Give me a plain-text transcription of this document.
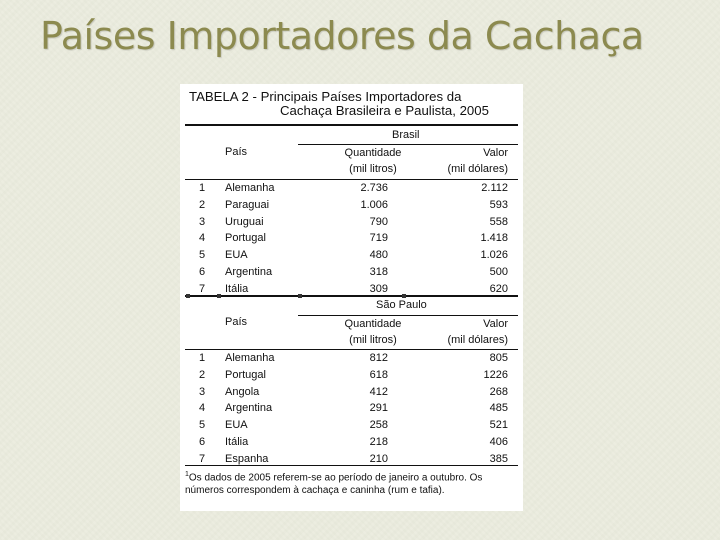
Países Importadores da Cachaça
TABELA 2 - Principais Países Importadores da
Cachaça Brasileira e Paulista, 2005
Brasil
País	Quantidade
(mil litros)
Valor
(mil dólares)
1	Alemanha	2.736	2.112
2	Paraguai	1.006	593
3	Uruguai	790	558
4	Portugal	719	1.418
5	EUA	480	1.026
6	Argentina	318	500
7	Itália	309	620
São Paulo
País	Quantidade
(mil litros)
Valor
(mil dólares)
1	Alemanha	812	805
2	Portugal	618	1226
3	Angola	412	268
4	Argentina	291	485
5	EUA	258	521
6	Itália	218	406
7	Espanha	210	385
$^1$Os dados de 2005 referem-se ao período de janeiro a outubro. Os números correspondem à cachaça e caninha (rum e tafia).
